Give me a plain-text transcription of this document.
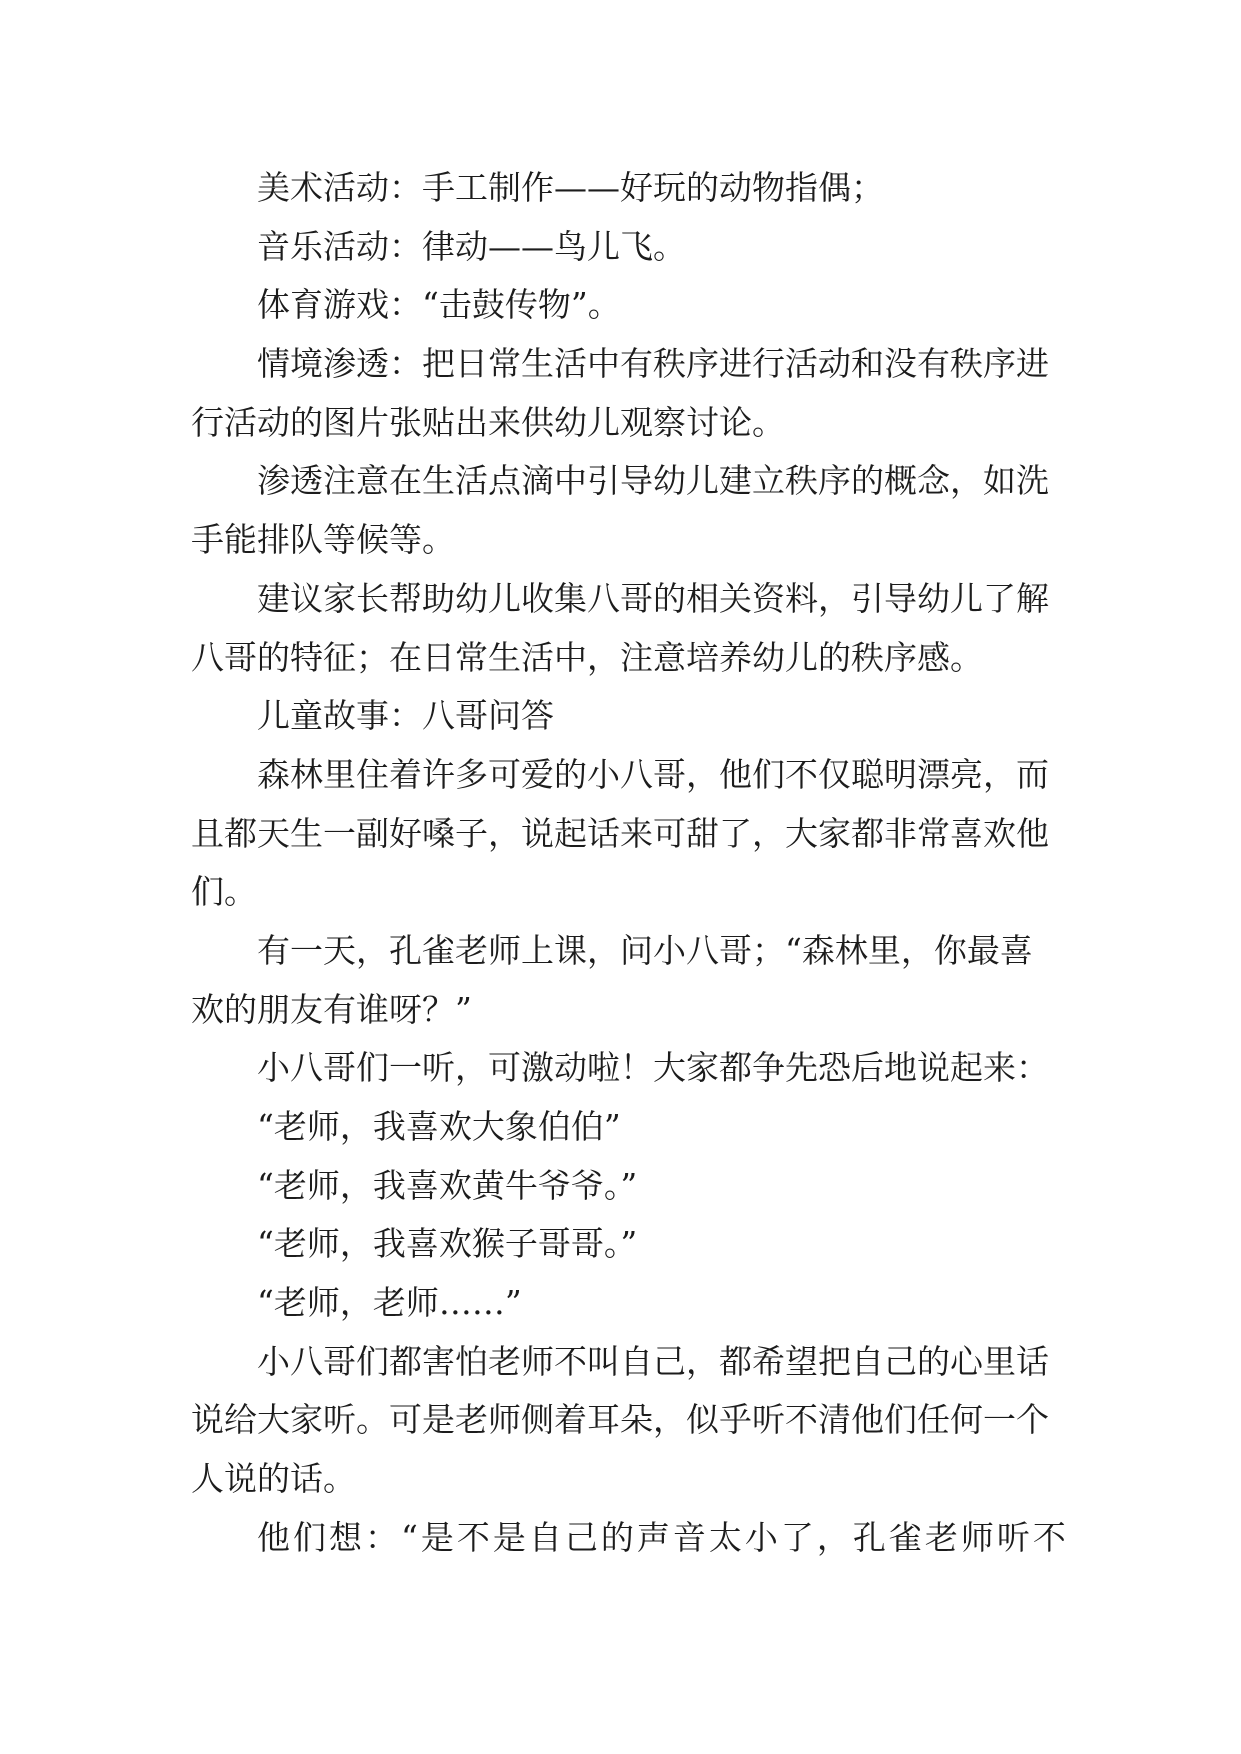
美术活动：手工制作——好玩的动物指偶；
音乐活动：律动——鸟儿飞。
体育游戏：“击鼓传物”。
情境渗透：把日常生活中有秩序进行活动和没有秩序进
行活动的图片张贴出来供幼儿观察讨论。
渗透注意在生活点滴中引导幼儿建立秩序的概念，如洗
手能排队等候等。
建议家长帮助幼儿收集八哥的相关资料，引导幼儿了解
八哥的特征；在日常生活中，注意培养幼儿的秩序感。
儿童故事：八哥问答
森林里住着许多可爱的小八哥，他们不仅聪明漂亮，而
且都天生一副好嗓子，说起话来可甜了，大家都非常喜欢他
们。
有一天，孔雀老师上课，问小八哥；“森林里，你最喜
欢的朋友有谁呀？”
小八哥们一听，可激动啦！大家都争先恐后地说起来：
“老师，我喜欢大象伯伯”
“老师，我喜欢黄牛爷爷。”
“老师，我喜欢猴子哥哥。”
“老师，老师……”
小八哥们都害怕老师不叫自己，都希望把自己的心里话
说给大家听。可是老师侧着耳朵，似乎听不清他们任何一个
人说的话。
他们想：“是不是自己的声音太小了，孔雀老师听不
